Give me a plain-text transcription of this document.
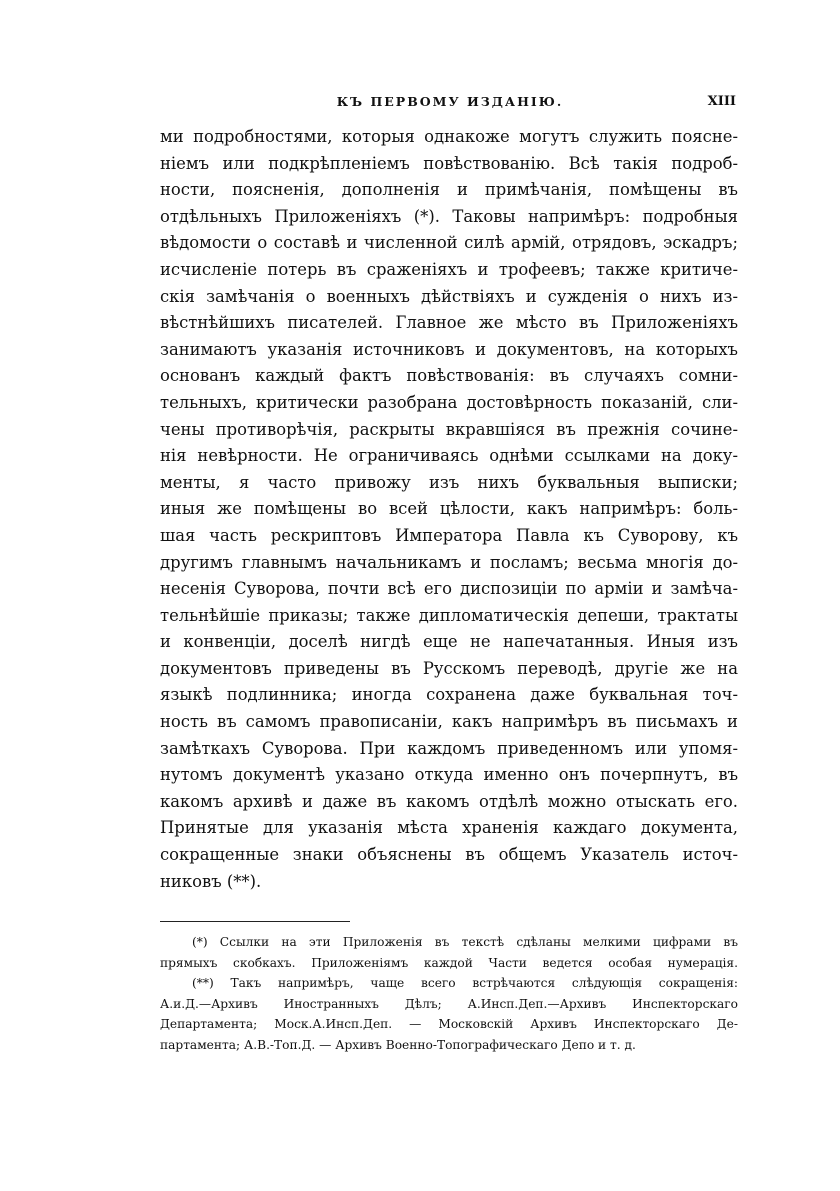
КЪ ПЕРВОМУ ИЗДАНІЮ.	XIII
ми подробностями, которыя однакоже могутъ служить поясне-
ніемъ или подкрѣпленіемъ повѣствованію. Всѣ такія подроб-
ности, поясненія, дополненія и примѣчанія, помѣщены въ
отдѣльныхъ Приложеніяхъ (*). Таковы напримѣръ: подробныя
вѣдомости о составѣ и численной силѣ армій, отрядовъ, эскадръ;
исчисленіе потерь въ сраженіяхъ и трофеевъ; также критиче-
скія замѣчанія о военныхъ дѣйствіяхъ и сужденія о нихъ из-
вѣстнѣйшихъ писателей. Главное же мѣсто въ Приложеніяхъ
занимаютъ указанія источниковъ и документовъ, на которыхъ
основанъ каждый фактъ повѣствованія: въ случаяхъ сомни-
тельныхъ, критически разобрана достовѣрность показаній, сли-
чены противорѣчія, раскрыты вкравшіяся въ прежнія сочине-
нія невѣрности. Не ограничиваясь однѣми ссылками на доку-
менты, я часто привожу изъ нихъ буквальныя выписки;
иныя же помѣщены во всей цѣлости, какъ напримѣръ: боль-
шая часть рескриптовъ Императора Павла къ Суворову, къ
другимъ главнымъ начальникамъ и посламъ; весьма многія до-
несенія Суворова, почти всѣ его диспозиціи по арміи и замѣча-
тельнѣйшіе приказы; также дипломатическія депеши, трактаты
и конвенціи, доселѣ нигдѣ еще не напечатанныя. Иныя изъ
документовъ приведены въ Русскомъ переводѣ, другіе же на
языкѣ подлинника; иногда сохранена даже буквальная точ-
ность въ самомъ правописаніи, какъ напримѣръ въ письмахъ и
замѣткахъ Суворова. При каждомъ приведенномъ или упомя-
нутомъ документѣ указано откуда именно онъ почерпнутъ, въ
какомъ архивѣ и даже въ какомъ отдѣлѣ можно отыскать его.
Принятые для указанія мѣста храненія каждаго документа,
сокращенные знаки объяснены въ общемъ Указатель источ-
никовъ (**).
(*) Ссылки на эти Приложенія въ текстѣ сдѣланы мелкими цифрами въ
прямыхъ скобкахъ. Приложеніямъ каждой Части ведется особая нумерація.
(**) Такъ напримѣръ, чаще всего встрѣчаются слѣдующія сокращенія:
А.и.Д.—Архивъ Иностранныхъ Дѣлъ; А.Инсп.Деп.—Архивъ Инспекторскаго
Департамента; Моск.А.Инсп.Деп. — Московскій Архивъ Инспекторскаго Де-
партамента; А.В.-Топ.Д. — Архивъ Военно-Топографическаго Депо и т. д.
